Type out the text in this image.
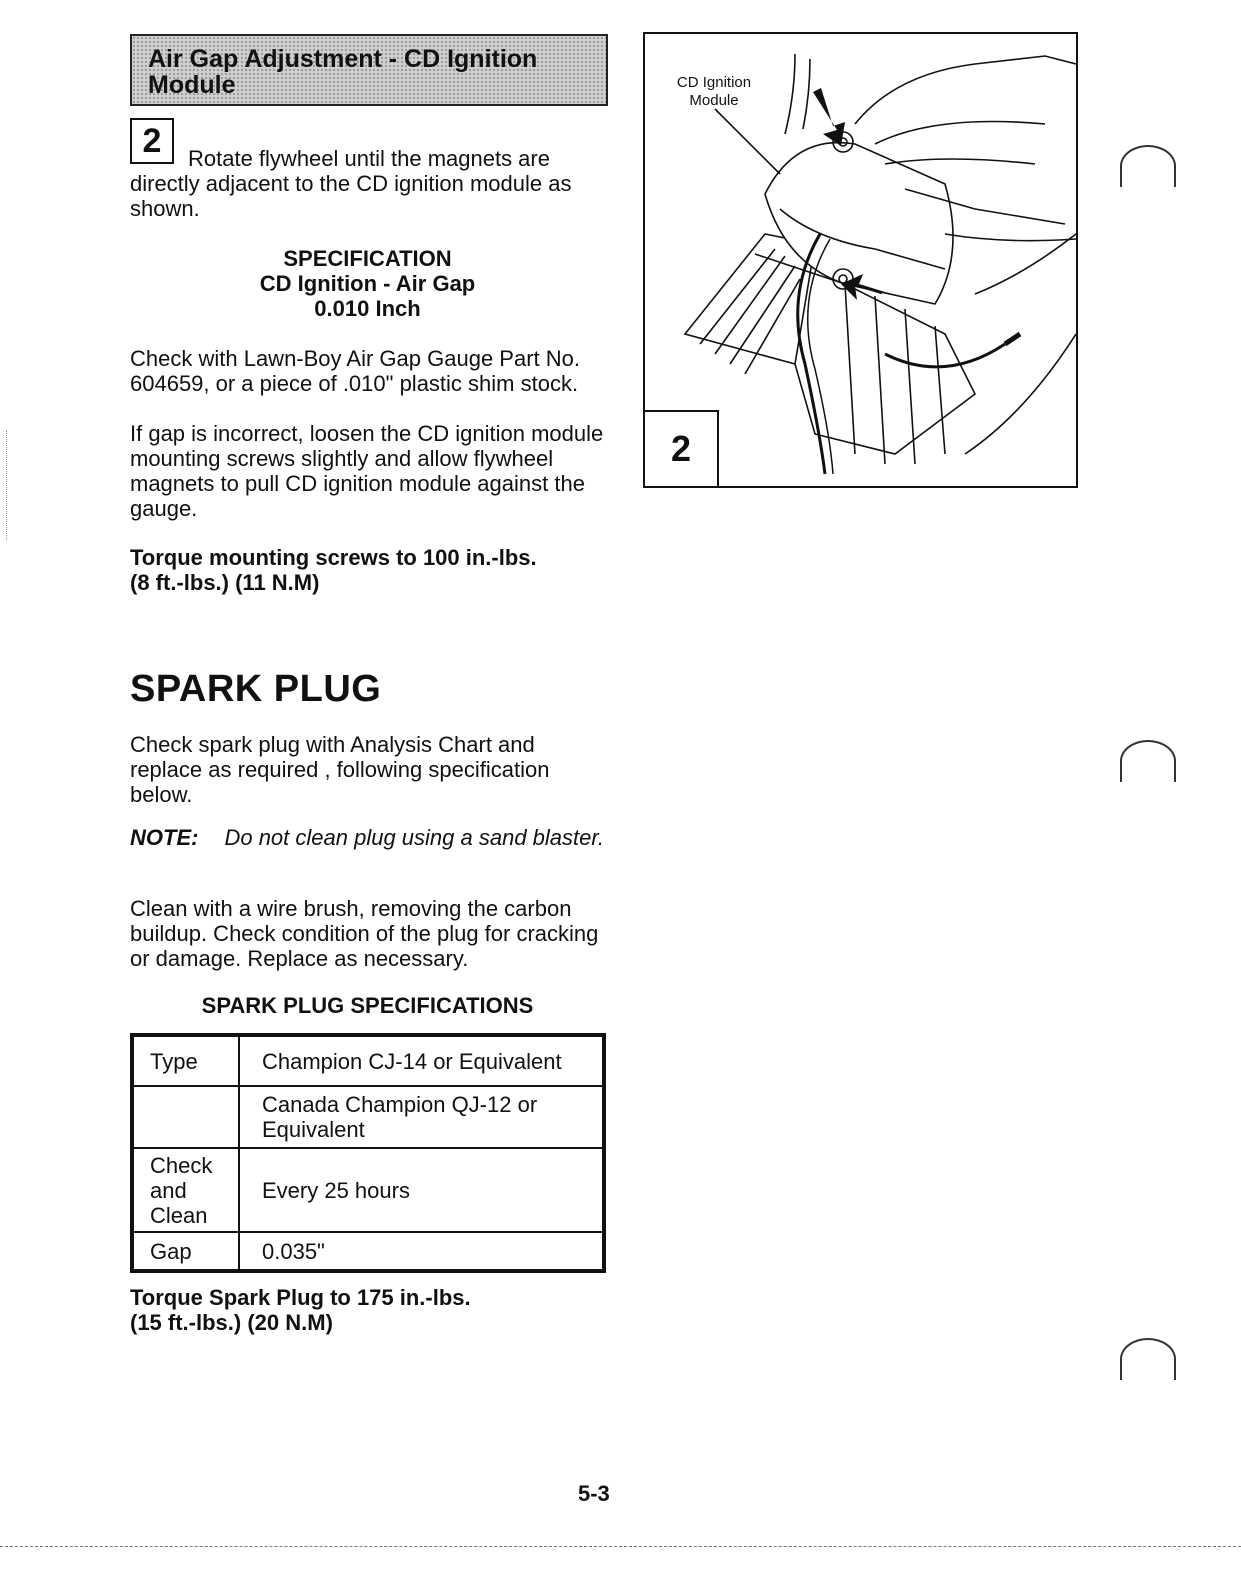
Air Gap Adjustment - CD Ignition Module
2	Rotate flywheel until the magnets are directly adjacent to the CD ignition module as shown.
SPECIFICATION
CD Ignition - Air Gap
0.010 Inch
Check with Lawn-Boy Air Gap Gauge Part No. 604659, or a piece of .010" plastic shim stock.
If gap is incorrect, loosen the CD ignition module mounting screws slightly and allow flywheel magnets to pull CD ignition module against the gauge.
Torque mounting screws to 100 in.-lbs.
(8 ft.-lbs.) (11 N.M)
SPARK PLUG
Check spark plug with Analysis Chart and replace as required , following specification below.
NOTE: Do not clean plug using a sand blaster.
Clean with a wire brush, removing the carbon buildup. Check condition of the plug for cracking or damage. Replace as necessary.
SPARK PLUG SPECIFICATIONS
Type	Champion CJ-14 or Equivalent
	Canada Champion QJ-12 or Equivalent
Check and Clean	Every 25 hours
Gap	0.035"
Torque Spark Plug to 175 in.-lbs.
(15 ft.-lbs.) (20 N.M)
CD Ignition Module
2
5-3
